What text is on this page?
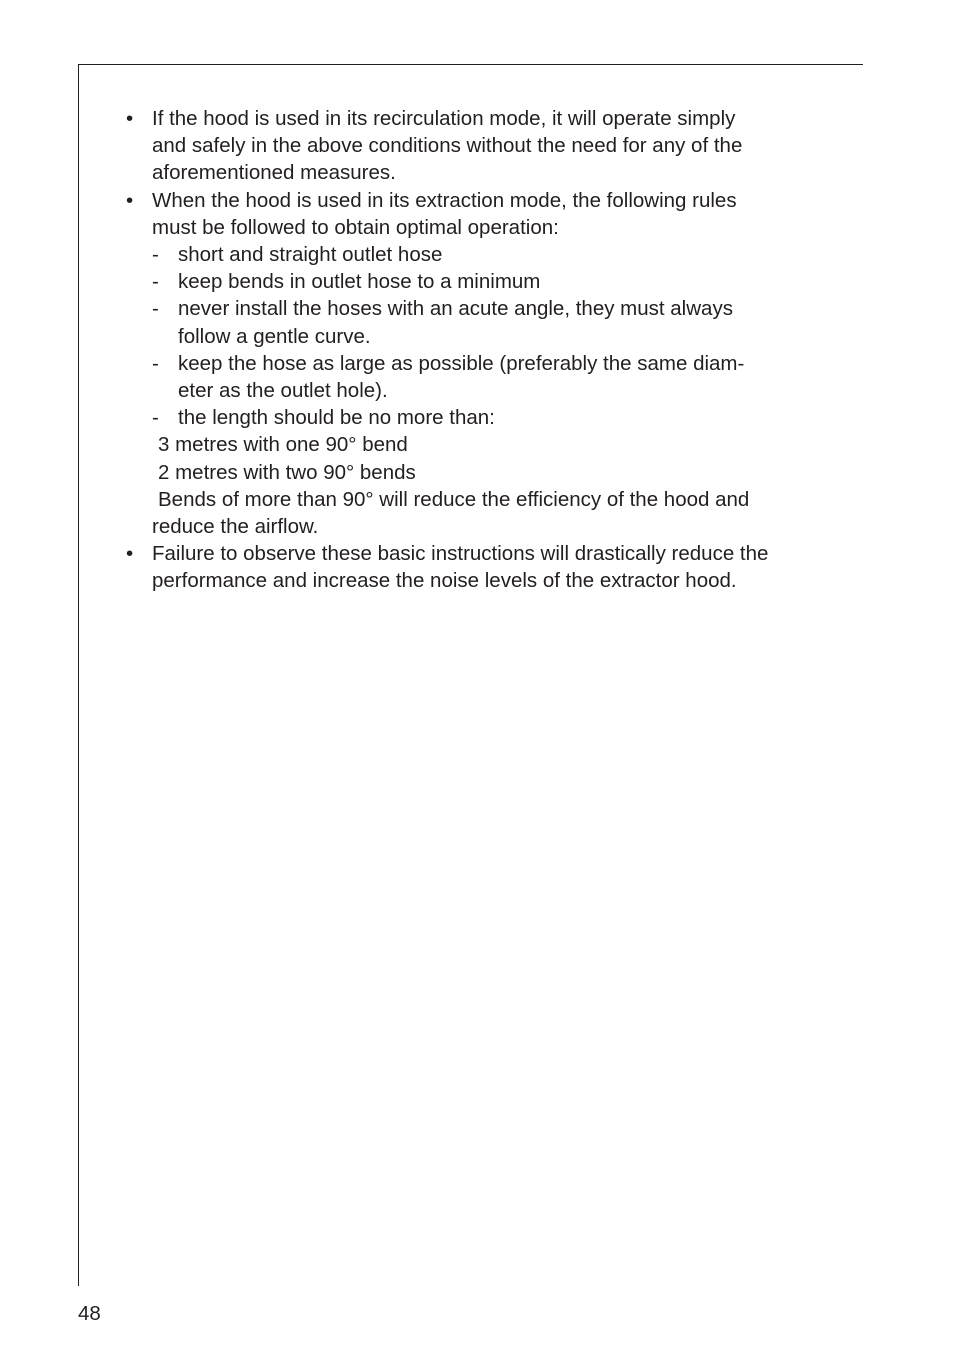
• If the hood is used in its recirculation mode, it will operate simply
and safely in the above conditions without the need for any of the
aforementioned measures.
• When the hood is used in its extraction mode, the following rules
must be followed to obtain optimal operation:
- short and straight outlet hose
- keep bends in outlet hose to a minimum
- never install the hoses with an acute angle, they must always
follow a gentle curve.
- keep the hose as large as possible (preferably the same diam-
eter as the outlet hole).
- the length should be no more than:
3 metres with one 90° bend
2 metres with two 90° bends
Bends of more than 90° will reduce the efficiency of the hood and
reduce the airflow.
• Failure to observe these basic instructions will drastically reduce the
performance and increase the noise levels of the extractor hood.
48
